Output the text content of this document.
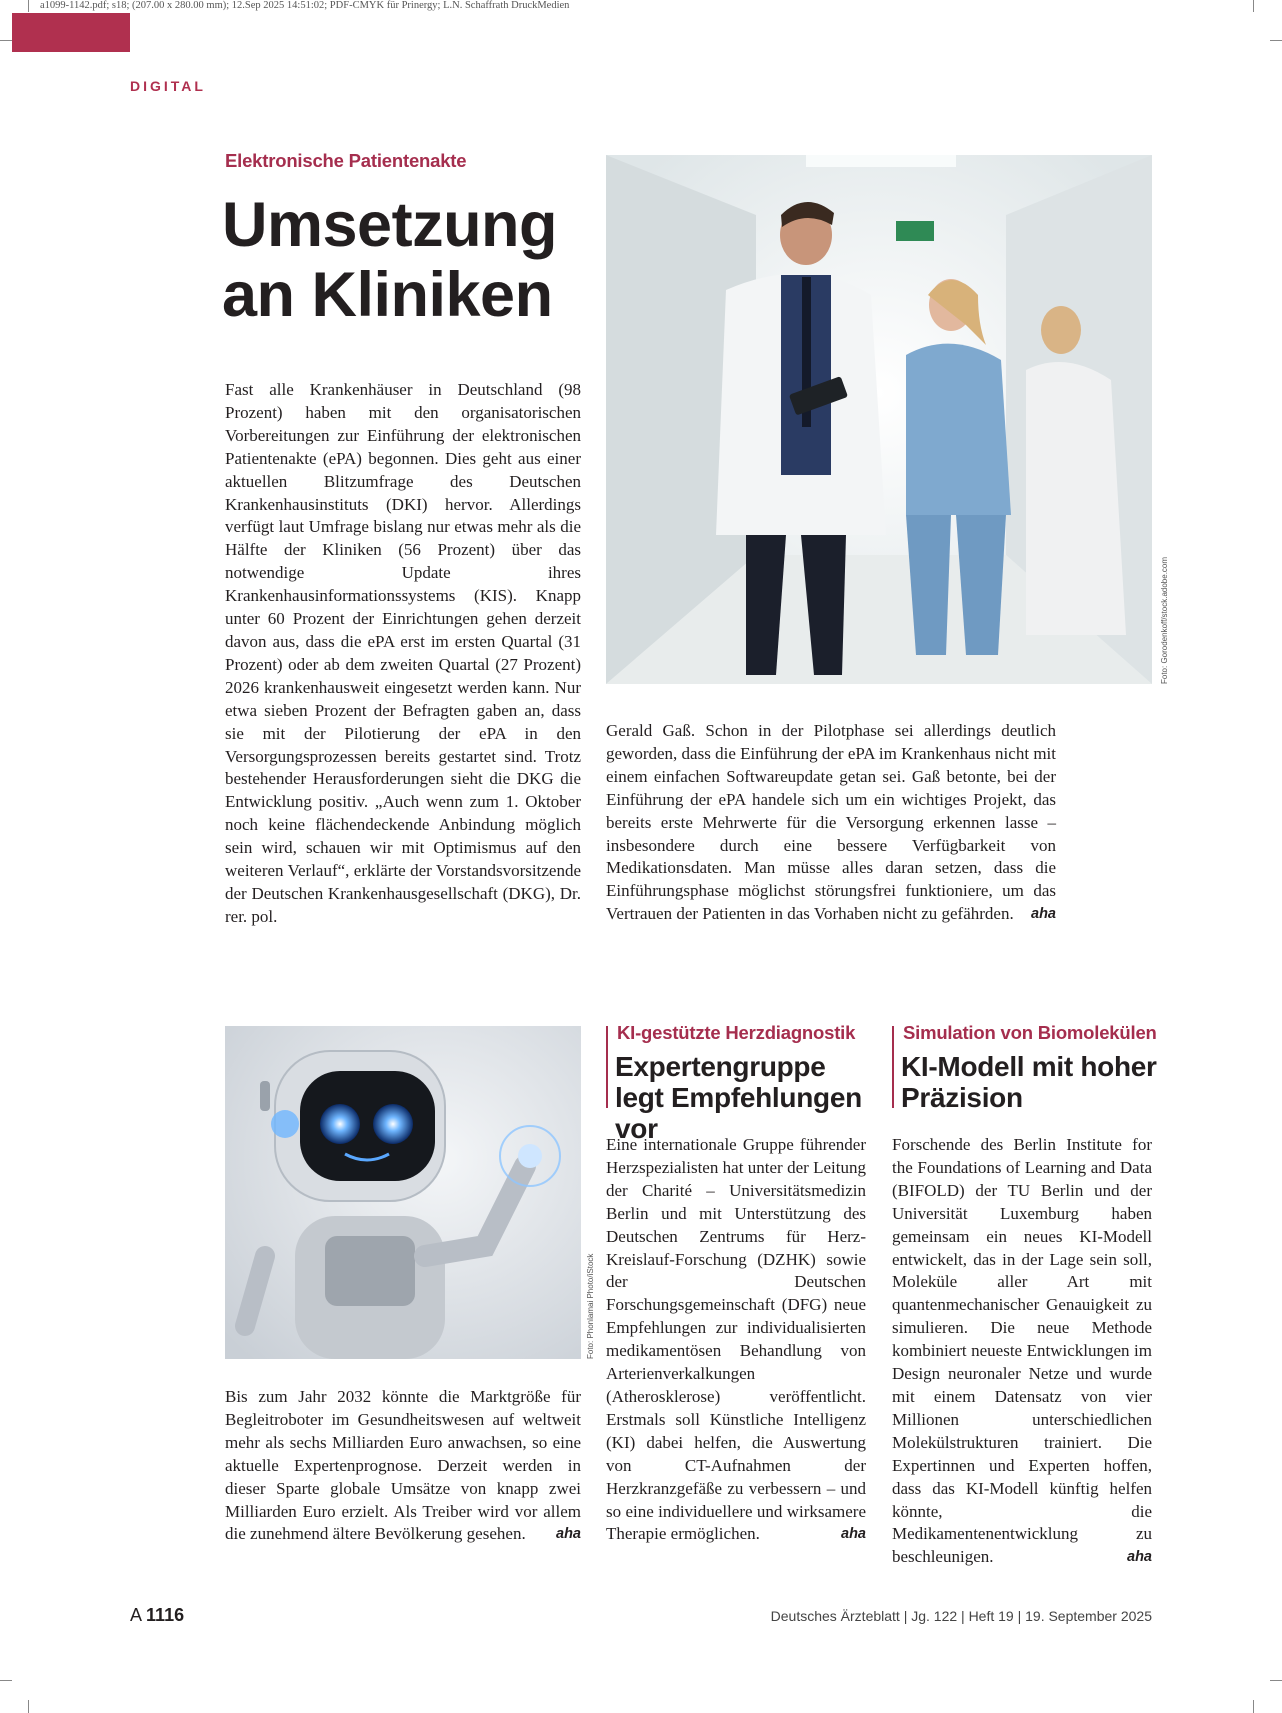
a1099-1142.pdf; s18; (207.00 x 280.00 mm); 12.Sep 2025 14:51:02; PDF-CMYK für Prinergy; L.N. Schaffrath DruckMedien
DIGITAL
Elektronische Patientenakte
Umsetzung
an Kliniken
Fast alle Krankenhäuser in Deutschland (98 Prozent) haben mit den organisatorischen Vorbereitungen zur Einführung der elektronischen Patientenakte (ePA) begonnen. Dies geht aus einer aktuellen Blitzumfrage des Deutschen Krankenhausinstituts (DKI) hervor. Allerdings verfügt laut Umfrage bislang nur etwas mehr als die Hälfte der Kliniken (56 Prozent) über das notwendige Update ihres Krankenhausinformationssystems (KIS). Knapp unter 60 Prozent der Einrichtungen gehen derzeit davon aus, dass die ePA erst im ersten Quartal (31 Prozent) oder ab dem zweiten Quartal (27 Prozent) 2026 krankenhausweit eingesetzt werden kann. Nur etwa sieben Prozent der Befragten gaben an, dass sie mit der Pilotierung der ePA in den Versorgungsprozessen bereits gestartet sind. Trotz bestehender Herausforderungen sieht die DKG die Entwicklung positiv. „Auch wenn zum 1. Oktober noch keine flächendeckende Anbindung möglich sein wird, schauen wir mit Optimismus auf den weiteren Verlauf“, erklärte der Vorstandsvorsitzende der Deutschen Krankenhausgesellschaft (DKG), Dr. rer. pol.
Foto: Gorodenkoff/stock.adobe.com
Gerald Gaß. Schon in der Pilotphase sei allerdings deutlich geworden, dass die Einführung der ePA im Krankenhaus nicht mit einem einfachen Softwareupdate getan sei. Gaß betonte, bei der Einführung der ePA handele sich um ein wichtiges Projekt, das bereits erste Mehrwerte für die Versorgung erkennen lasse – insbesondere durch eine bessere Verfügbarkeit von Medikationsdaten. Man müsse alles daran setzen, dass die Einführungsphase möglichst störungsfrei funktioniere, um das Vertrauen der Patienten in das Vorhaben nicht zu gefährden. aha
Foto: Phonlamai Photo/iStock
Bis zum Jahr 2032 könnte die Marktgröße für Begleitroboter im Gesundheitswesen auf weltweit mehr als sechs Milliarden Euro anwachsen, so eine aktuelle Expertenprognose. Derzeit werden in dieser Sparte globale Umsätze von knapp zwei Milliarden Euro erzielt. Als Treiber wird vor allem die zunehmend ältere Bevölkerung gesehen. aha
KI-gestützte Herzdiagnostik
Expertengruppe legt Empfehlungen vor
Eine internationale Gruppe führender Herzspezialisten hat unter der Leitung der Charité – Universitätsmedizin Berlin und mit Unterstützung des Deutschen Zentrums für Herz-Kreislauf-Forschung (DZHK) sowie der Deutschen Forschungsgemeinschaft (DFG) neue Empfehlungen zur individualisierten medikamentösen Behandlung von Arterienverkalkungen (Atherosklerose) veröffentlicht. Erstmals soll Künstliche Intelligenz (KI) dabei helfen, die Auswertung von CT-Aufnahmen der Herzkranzgefäße zu verbessern – und so eine individuellere und wirksamere Therapie ermöglichen.	aha
Simulation von Biomolekülen
KI-Modell mit hoher Präzision
Forschende des Berlin Institute for the Foundations of Learning and Data (BIFOLD) der TU Berlin und der Universität Luxemburg haben gemeinsam ein neues KI-Modell entwickelt, das in der Lage sein soll, Moleküle aller Art mit quantenmechanischer Genauigkeit zu simulieren. Die neue Methode kombiniert neueste Entwicklungen im Design neuronaler Netze und wurde mit einem Datensatz von vier Millionen unterschiedlichen Molekülstrukturen trainiert. Die Expertinnen und Experten hoffen, dass das KI-Modell künftig helfen könnte, die Medikamentenentwicklung zu beschleunigen.	aha
A 1116	Deutsches Ärzteblatt | Jg. 122 | Heft 19 | 19. September 2025
